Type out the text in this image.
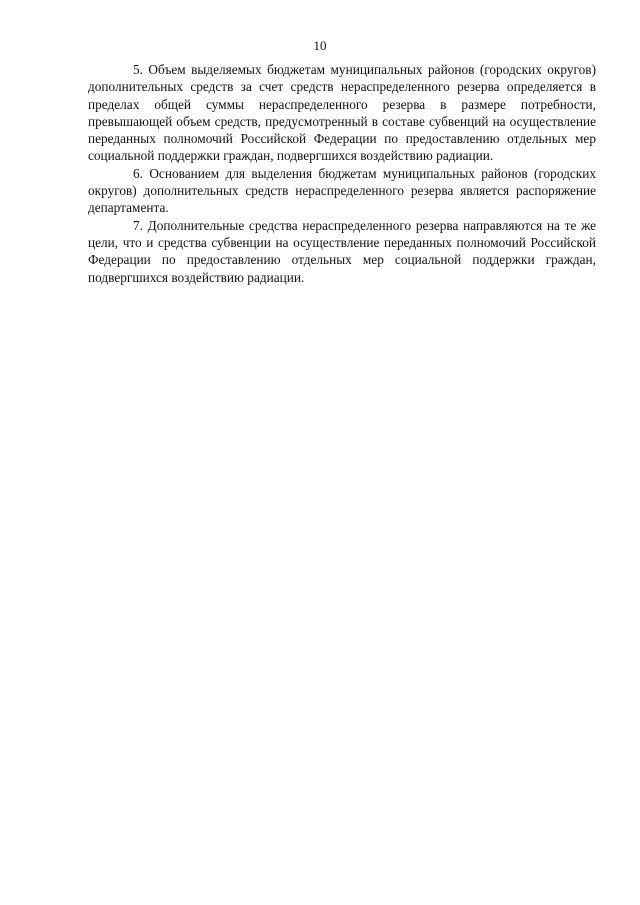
10

5. Объем выделяемых бюджетам муниципальных районов (городских округов) дополнительных средств за счет средств нераспределенного резерва определяется в пределах общей суммы нераспределенного резерва в размере потребности, превышающей объем средств, предусмотренный в составе субвенций на осуществление переданных полномочий Российской Федерации по предоставлению отдельных мер социальной поддержки граждан, подвергшихся воздействию радиации.

6. Основанием для выделения бюджетам муниципальных районов (городских округов) дополнительных средств нераспределенного резерва является распоряжение департамента.

7. Дополнительные средства нераспределенного резерва направляются на те же цели, что и средства субвенции на осуществление переданных полномочий Российской Федерации по предоставлению отдельных мер социальной поддержки граждан, подвергшихся воздействию радиации.
